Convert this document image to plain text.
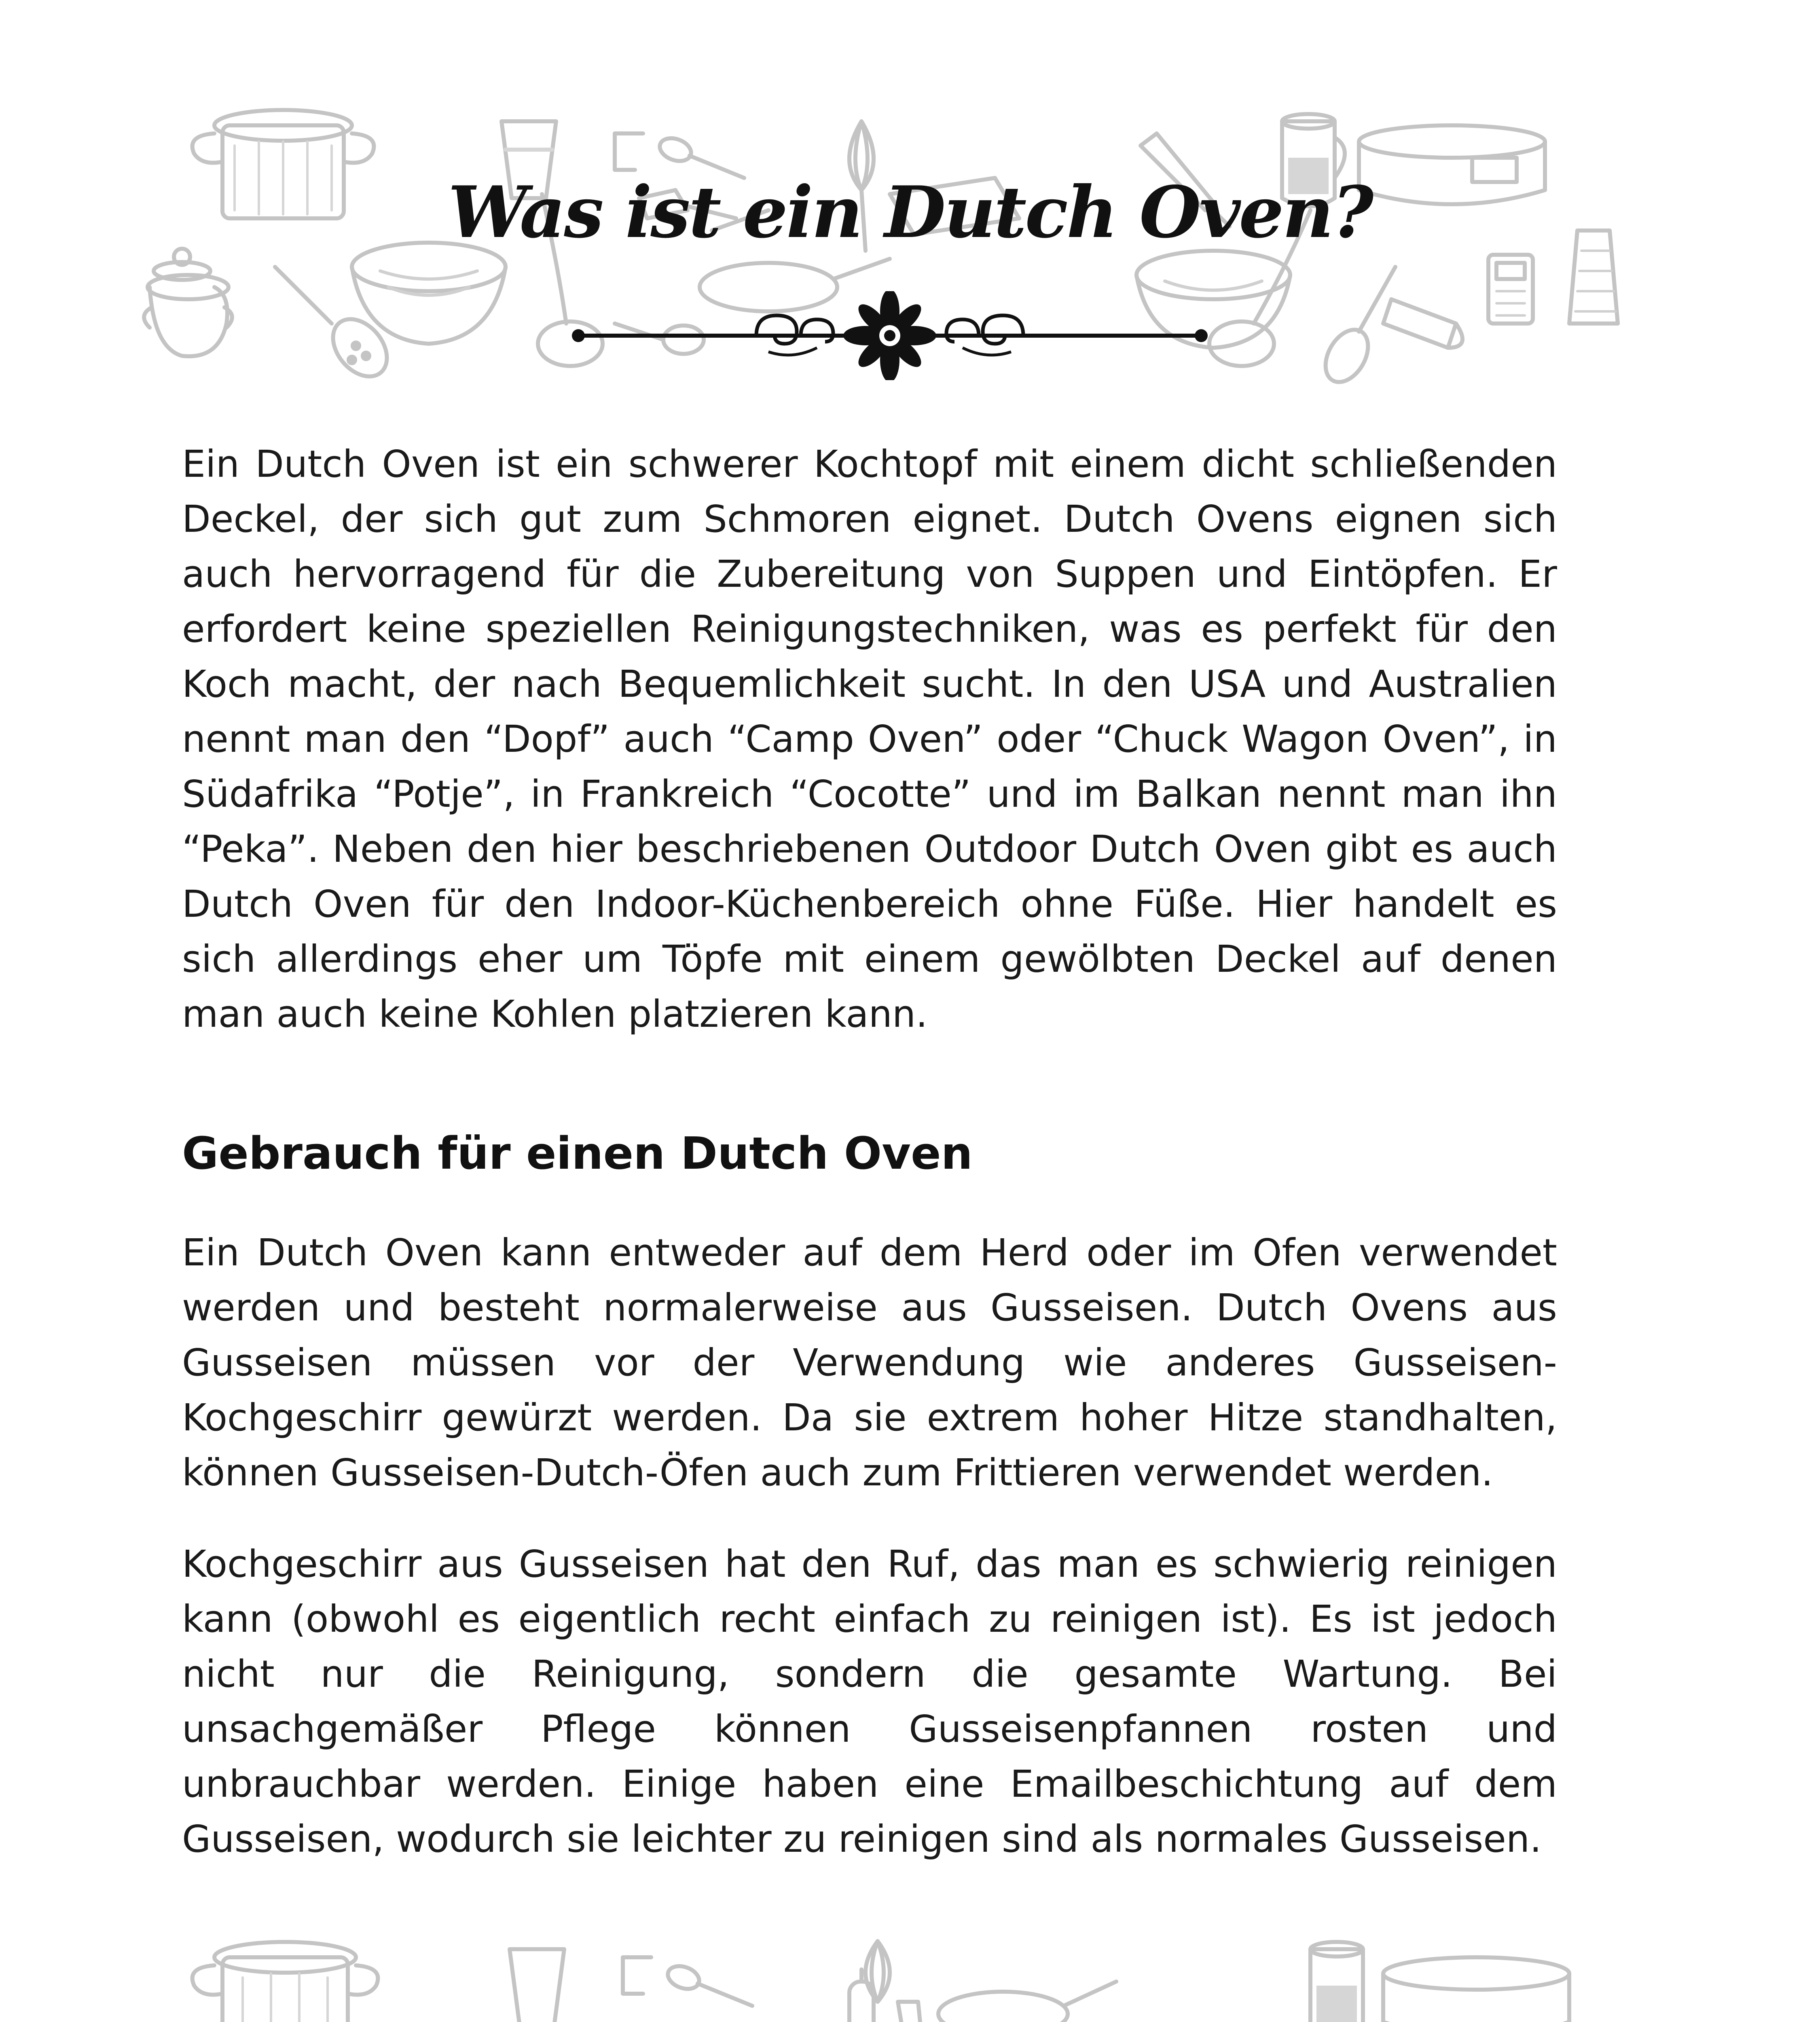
Was ist ein Dutch Oven?

Ein Dutch Oven ist ein schwerer Kochtopf mit einem dicht schließenden Deckel, der sich gut zum Schmoren eignet. Dutch Ovens eignen sich auch hervorragend für die Zubereitung von Suppen und Eintöpfen. Er erfordert keine speziellen Reinigungstechniken, was es perfekt für den Koch macht, der nach Bequemlichkeit sucht. In den USA und Australien nennt man den “Dopf” auch “Camp Oven” oder “Chuck Wagon Oven”, in Südafrika “Potje”, in Frankreich “Cocotte” und im Balkan nennt man ihn “Peka”. Neben den hier beschriebenen Outdoor Dutch Oven gibt es auch Dutch Oven für den Indoor-Küchenbereich ohne Füße. Hier handelt es sich allerdings eher um Töpfe mit einem gewölbten Deckel auf denen man auch keine Kohlen platzieren kann.

Gebrauch für einen Dutch Oven

Ein Dutch Oven kann entweder auf dem Herd oder im Ofen verwendet werden und besteht normalerweise aus Gusseisen. Dutch Ovens aus Gusseisen müssen vor der Verwendung wie anderes Gusseisen-Kochgeschirr gewürzt werden. Da sie extrem hoher Hitze standhalten, können Gusseisen-Dutch-Öfen auch zum Frittieren verwendet werden.

Kochgeschirr aus Gusseisen hat den Ruf, das man es schwierig reinigen kann (obwohl es eigentlich recht einfach zu reinigen ist). Es ist jedoch nicht nur die Reinigung, sondern die gesamte Wartung. Bei unsachgemäßer Pflege können Gusseisenpfannen rosten und unbrauchbar werden. Einige haben eine Emailbeschichtung auf dem Gusseisen, wodurch sie leichter zu reinigen sind als normales Gusseisen.
